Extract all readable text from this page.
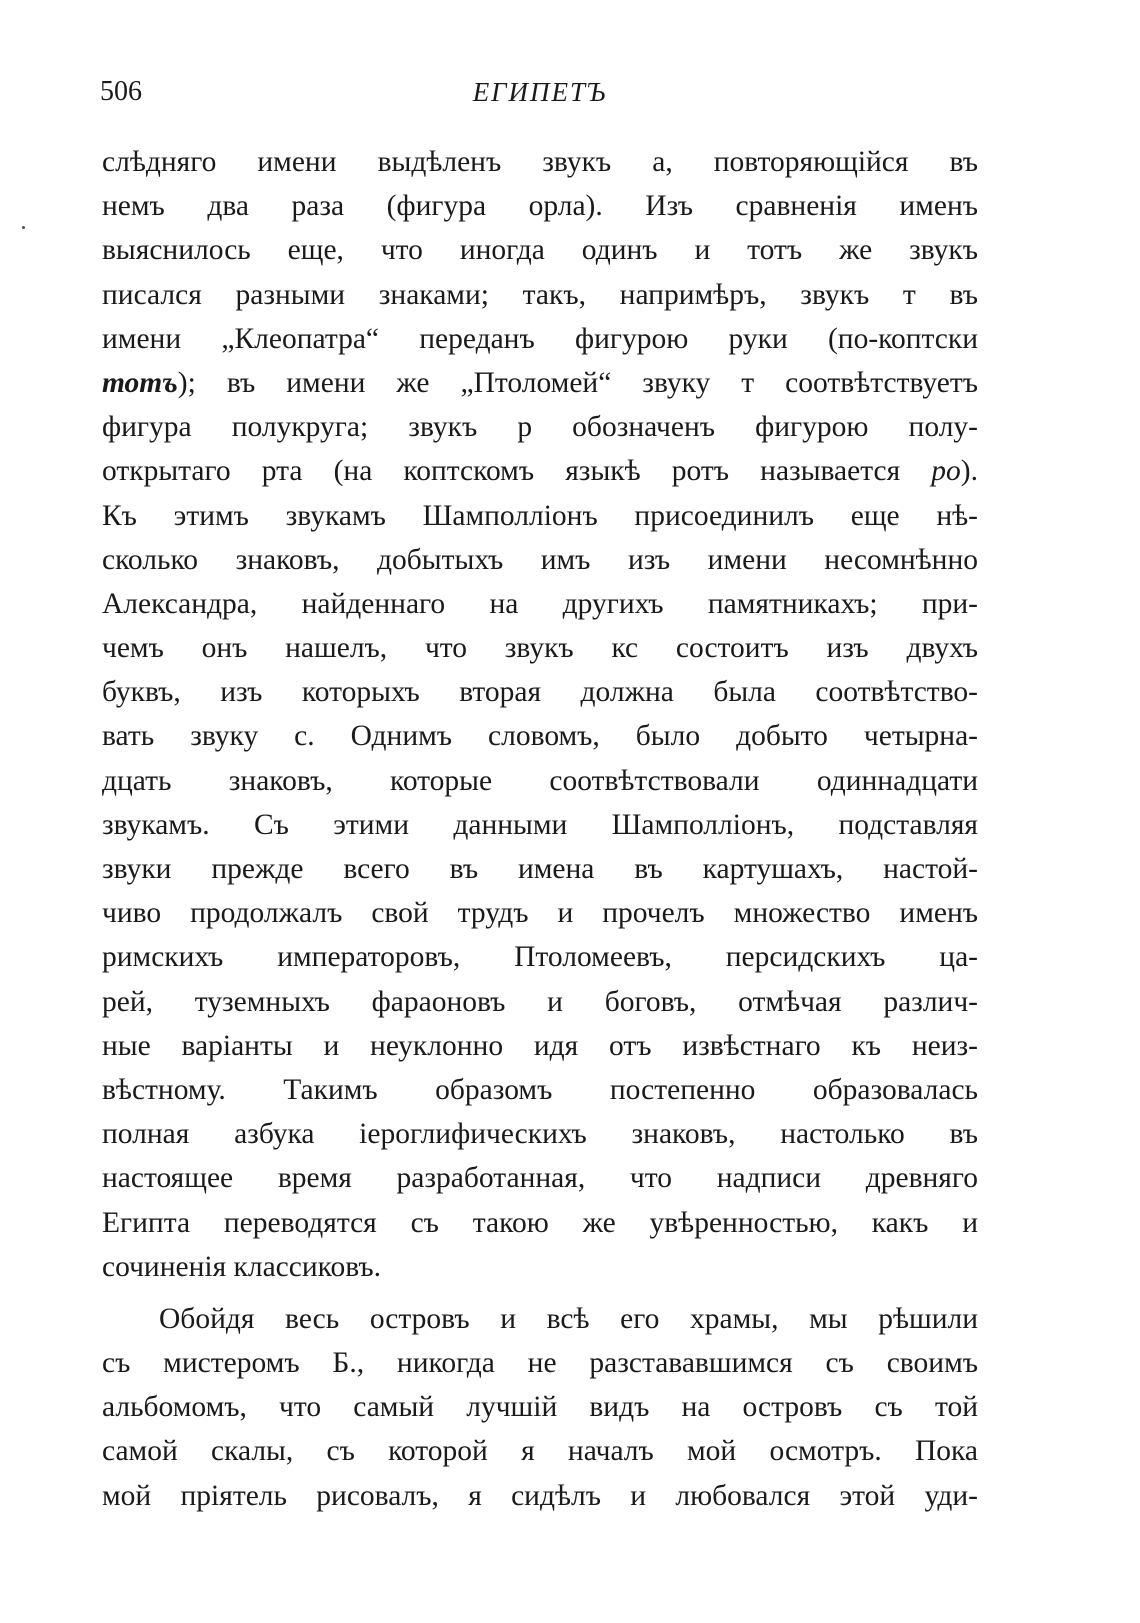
506	ЕГИПЕТЪ
слѣдняго имени выдѣленъ звукъ а, повторяющійся въ
немъ два раза (фигура орла). Изъ сравненія именъ
выяснилось еще, что иногда одинъ и тотъ же звукъ
писался разными знаками; такъ, напримѣръ, звукъ т въ
имени „Клеопатра“ переданъ фигурою руки (по-коптски
тотъ); въ имени же „Птоломей“ звуку т соотвѣтствуетъ
фигура полукруга; звукъ р обозначенъ фигурою полу-
открытаго рта (на коптскомъ языкѣ ротъ называется ро).
Къ этимъ звукамъ Шамполліонъ присоединилъ еще нѣ-
сколько знаковъ, добытыхъ имъ изъ имени несомнѣнно
Александра, найденнаго на другихъ памятникахъ; при-
чемъ онъ нашелъ, что звукъ кс состоитъ изъ двухъ
буквъ, изъ которыхъ вторая должна была соотвѣтство-
вать звуку с. Однимъ словомъ, было добыто четырна-
дцать знаковъ, которые соотвѣтствовали одиннадцати
звукамъ. Съ этими данными Шамполліонъ, подставляя
звуки прежде всего въ имена въ картушахъ, настой-
чиво продолжалъ свой трудъ и прочелъ множество именъ
римскихъ императоровъ, Птоломеевъ, персидскихъ ца-
рей, туземныхъ фараоновъ и боговъ, отмѣчая различ-
ные варіанты и неуклонно идя отъ извѣстнаго къ неиз-
вѣстному. Такимъ образомъ постепенно образовалась
полная азбука іероглифическихъ знаковъ, настолько въ
настоящее время разработанная, что надписи древняго
Египта переводятся съ такою же увѣренностью, какъ и
сочиненія классиковъ.
Обойдя весь островъ и всѣ его храмы, мы рѣшили
съ мистеромъ Б., никогда не разстававшимся съ своимъ
альбомомъ, что самый лучшій видъ на островъ съ той
самой скалы, съ которой я началъ мой осмотръ. Пока
мой пріятель рисовалъ, я сидѣлъ и любовался этой уди-
